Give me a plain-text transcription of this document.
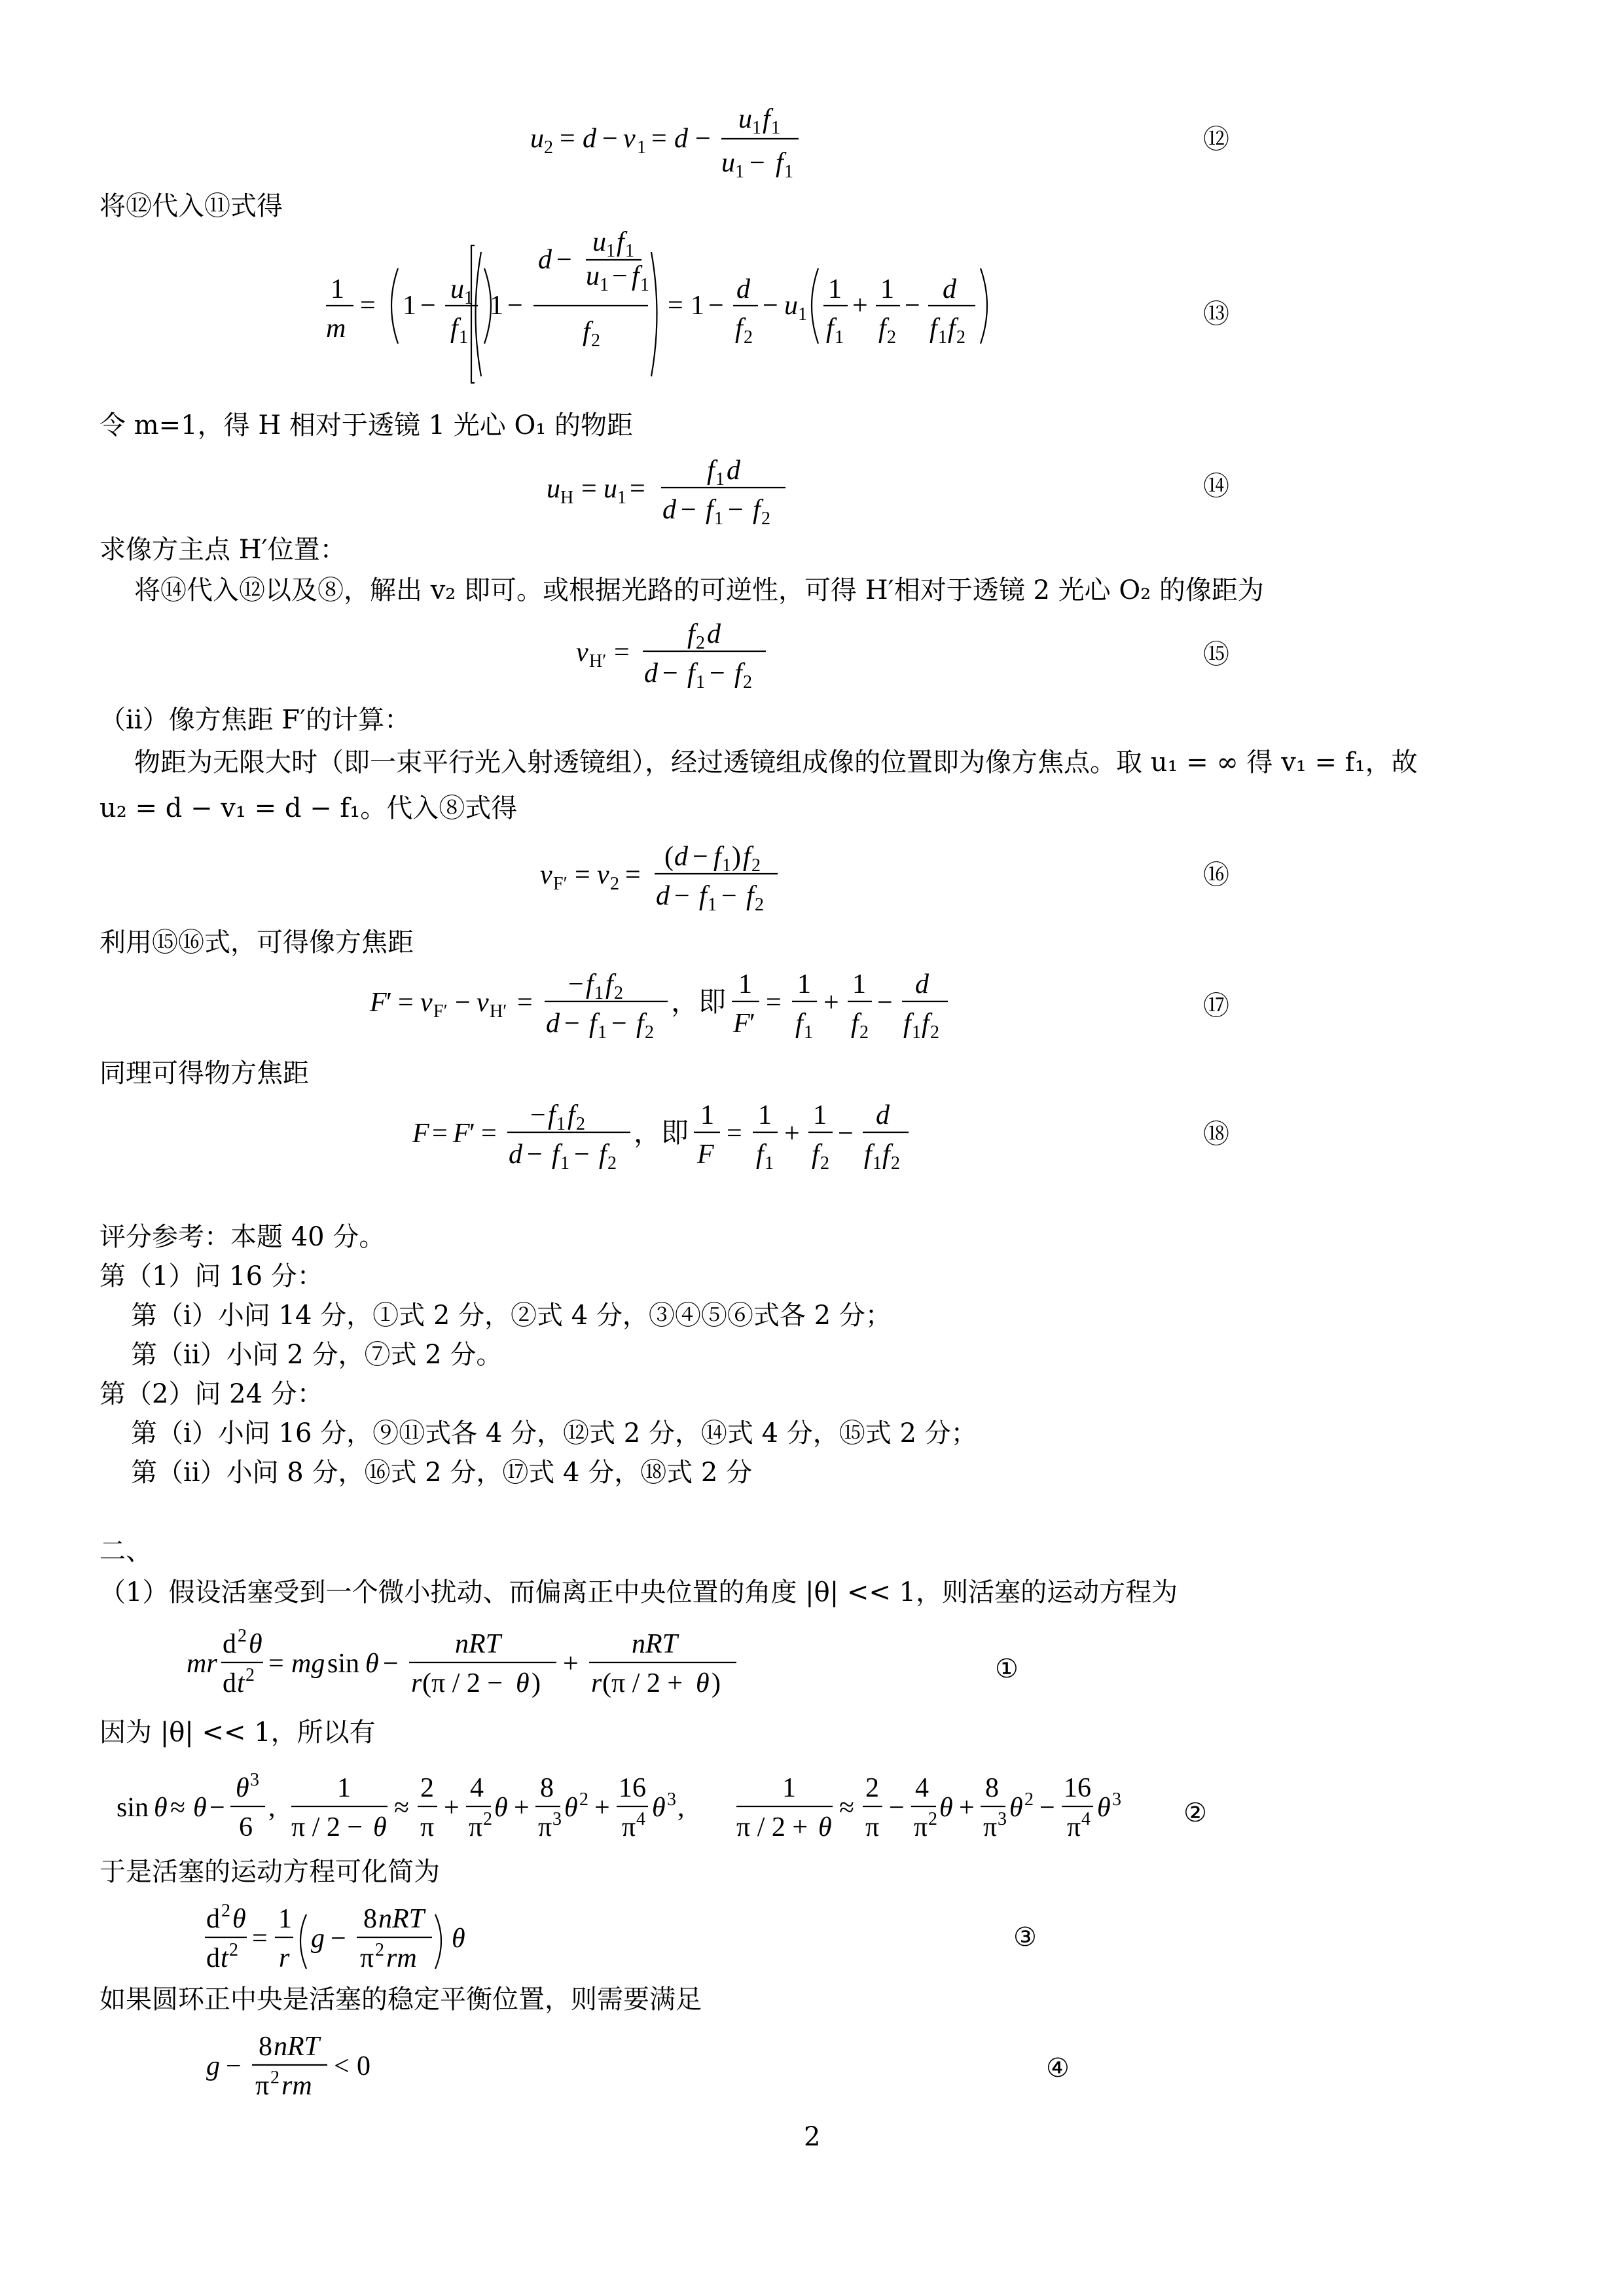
u 2 = d − v 1 = d −
u 1 f 1
u 1 − f 1
⑫
将⑫代入⑪式得
1
m
= 1 −
u 1
f 1
1 −
d −
u 1 f 1
u 1 − f 1
f 2
= 1 −
d
f 2
− u 1
1
f 1
+
1
f 2
−
d
f 1 f 2
⑬
令 m=1，得 H 相对于透镜 1 光心 O₁ 的物距
u H = u 1 =
f 1 d
d − f 1 − f 2
⑭
求像方主点 H′位置：
将⑭代入⑫以及⑧，解出 v₂ 即可。或根据光路的可逆性，可得 H′相对于透镜 2 光心 O₂ 的像距为
v H′ =
f 2 d
d − f 1 − f 2
⑮
（ii）像方焦距 F′的计算：
物距为无限大时（即一束平行光入射透镜组），经过透镜组成像的位置即为像方焦点。取 u₁ = ∞ 得 v₁ = f₁，故
u₂ = d − v₁ = d − f₁。代入⑧式得
v F′ = v 2 =
( d − f 1 ) f 2
d − f 1 − f 2
⑯
利用⑮⑯式，可得像方焦距
F ′ = v F′ − v H′ =
− f 1 f 2
d − f 1 − f 2
，即
1
F ′
=
1
f 1
+
1
f 2
−
d
f 1 f 2
⑰
同理可得物方焦距
F = F ′ =
− f 1 f 2
d − f 1 − f 2
，即
1
F
=
1
f 1
+
1
f 2
−
d
f 1 f 2
⑱
评分参考：本题 40 分。
第（1）问 16 分：
第（i）小问 14 分，①式 2 分，②式 4 分，③④⑤⑥式各 2 分；
第（ii）小问 2 分，⑦式 2 分。
第（2）问 24 分：
第（i）小问 16 分，⑨⑪式各 4 分，⑫式 2 分，⑭式 4 分，⑮式 2 分；
第（ii）小问 8 分，⑯式 2 分，⑰式 4 分，⑱式 2 分
二、
（1）假设活塞受到一个微小扰动、而偏离正中央位置的角度 |θ| << 1，则活塞的运动方程为
mr
d 2 θ
d t 2 = mg sin θ −
nRT
r (π / 2 − θ )
+
nRT
r (π / 2 + θ )	①
因为 |θ| << 1，所以有
sin θ ≈ θ −
θ 3
6
,
1
π / 2 − θ
≈
2
π
+
4
π 2 θ +
8
π 3 θ 2 +
16
π 4 θ 3 ,
1
π / 2 + θ
≈
2
π
−
4
π 2 θ +
8
π 3 θ 2 −
16
π 4 θ 3 ②
于是活塞的运动方程可化简为
d 2 θ
d t 2 =
1
r
g −
8 nRT
π 2 rm
θ	③
如果圆环正中央是活塞的稳定平衡位置，则需要满足
g −
8 nRT
π 2 rm
< 0	④
2
